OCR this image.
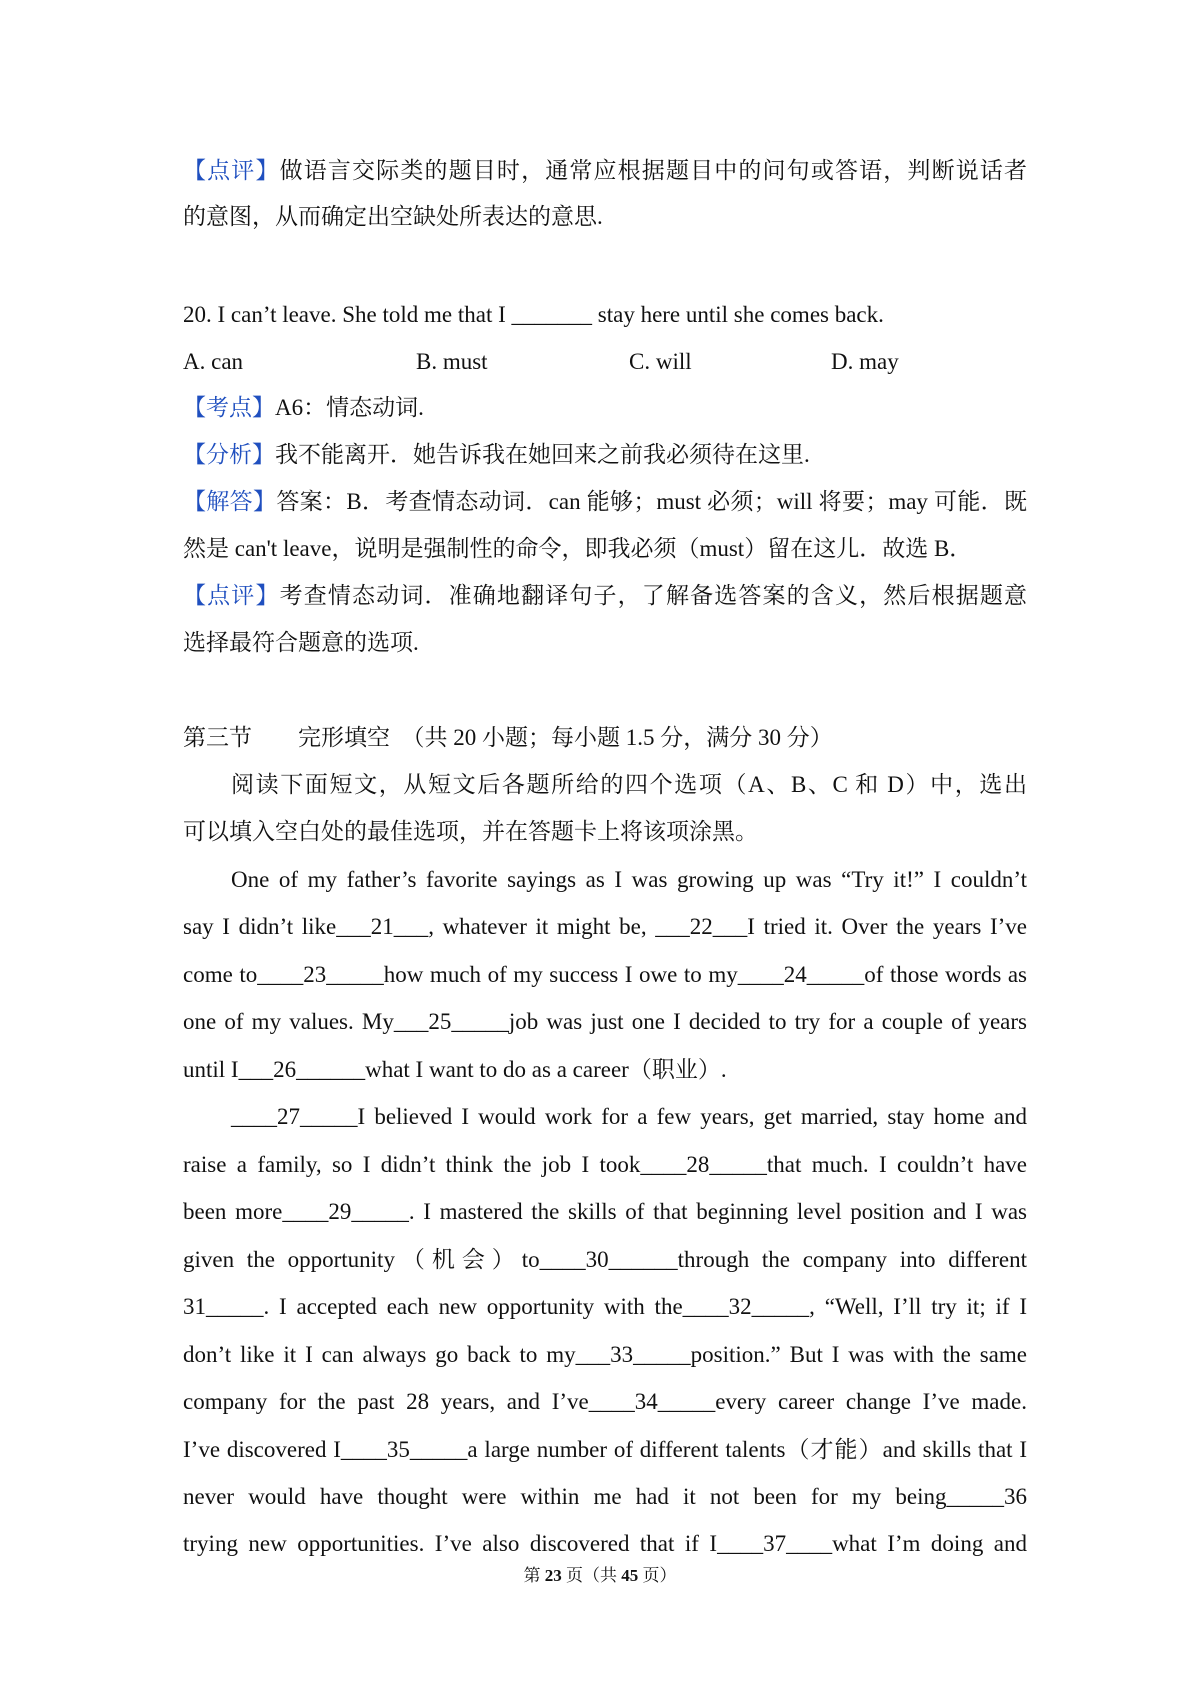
【点评】做语言交际类的题目时，通常应根据题目中的问句或答语，判断说话者
的意图，从而确定出空缺处所表达的意思.
20. I can’t leave. She told me that I _______ stay here until she comes back.
A. can	B. must	C. will	D. may
【考点】A6：情态动词.
【分析】我不能离开．她告诉我在她回来之前我必须待在这里.
【解答】答案：B．考查情态动词．can 能够；must 必须；will 将要；may 可能．既
然是 can't leave，说明是强制性的命令，即我必须（must）留在这儿．故选 B．
【点评】考查情态动词．准确地翻译句子，了解备选答案的含义，然后根据题意
选择最符合题意的选项.
第三节　　完形填空　（共 20 小题；每小题 1.5 分，满分 30 分）
阅读下面短文，从短文后各题所给的四个选项（A、B、C 和 D）中，选出
可以填入空白处的最佳选项，并在答题卡上将该项涂黑。
One of my father’s favorite sayings as I was growing up was “Try it!” I couldn’t
say I didn’t like___21___, whatever it might be, ___22___I tried it. Over the years I’ve
come to____23_____how much of my success I owe to my____24_____of those words as
one of my values. My___25_____job was just one I decided to try for a couple of years
until I___26______what I want to do as a career（职业）.
____27_____I believed I would work for a few years, get married, stay home and
raise a family, so I didn’t think the job I took____28_____that much. I couldn’t have
been more____29_____. I mastered the skills of that beginning level position and I was
given the opportunity（机会）to____30______through the company into different
31_____. I accepted each new opportunity with the____32_____, “Well, I’ll try it; if I
don’t like it I can always go back to my___33_____position.” But I was with the same
company for the past 28 years, and I’ve____34_____every career change I’ve made.
I’ve discovered I____35_____a large number of different talents（才能）and skills that I
never would have thought were within me had it not been for my being_____36
trying new opportunities. I’ve also discovered that if I____37____what I’m doing and
第 23 页（共 45 页）
